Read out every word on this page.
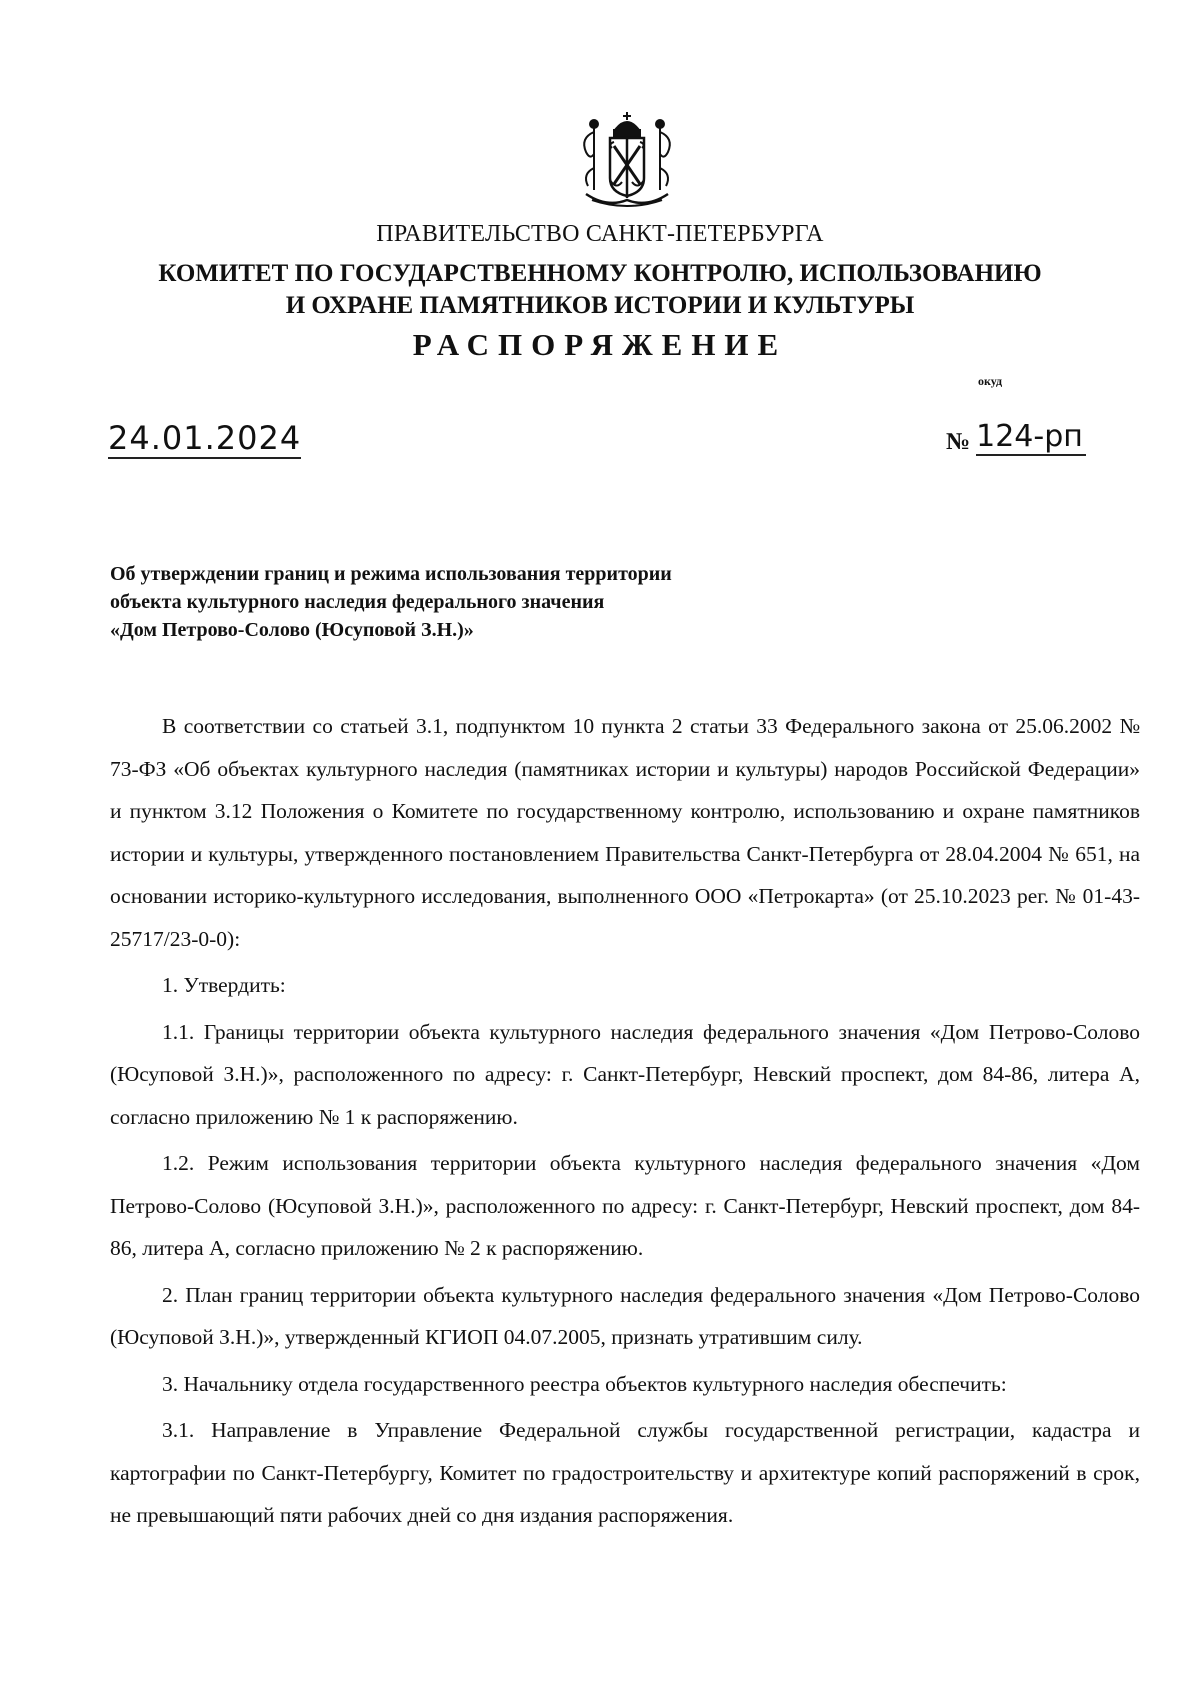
ПРАВИТЕЛЬСТВО САНКТ-ПЕТЕРБУРГА
КОМИТЕТ ПО ГОСУДАРСТВЕННОМУ КОНТРОЛЮ, ИСПОЛЬЗОВАНИЮ
И ОХРАНЕ ПАМЯТНИКОВ ИСТОРИИ И КУЛЬТУРЫ
РАСПОРЯЖЕНИЕ
окуд
24.01.2024	№ 124-рп
Об утверждении границ и режима использования территории
объекта культурного наследия федерального значения
«Дом Петрово-Солово (Юсуповой З.Н.)»

В соответствии со статьей 3.1, подпунктом 10 пункта 2 статьи 33 Федерального закона от 25.06.2002 № 73-ФЗ «Об объектах культурного наследия (памятниках истории и культуры) народов Российской Федерации» и пунктом 3.12 Положения о Комитете по государственному контролю, использованию и охране памятников истории и культуры, утвержденного постановлением Правительства Санкт-Петербурга от 28.04.2004 № 651, на основании историко-культурного исследования, выполненного ООО «Петрокарта» (от 25.10.2023 рег. № 01-43-25717/23-0-0):

1. Утвердить:

1.1. Границы территории объекта культурного наследия федерального значения «Дом Петрово-Солово (Юсуповой З.Н.)», расположенного по адресу: г. Санкт-Петербург, Невский проспект, дом 84-86, литера А, согласно приложению № 1 к распоряжению.

1.2. Режим использования территории объекта культурного наследия федерального значения «Дом Петрово-Солово (Юсуповой З.Н.)», расположенного по адресу: г. Санкт-Петербург, Невский проспект, дом 84-86, литера А, согласно приложению № 2 к распоряжению.

2. План границ территории объекта культурного наследия федерального значения «Дом Петрово-Солово (Юсуповой З.Н.)», утвержденный КГИОП 04.07.2005, признать утратившим силу.

3. Начальнику отдела государственного реестра объектов культурного наследия обеспечить:

3.1. Направление в Управление Федеральной службы государственной регистрации, кадастра и картографии по Санкт-Петербургу, Комитет по градостроительству и архитектуре копий распоряжений в срок, не превышающий пяти рабочих дней со дня издания распоряжения.
